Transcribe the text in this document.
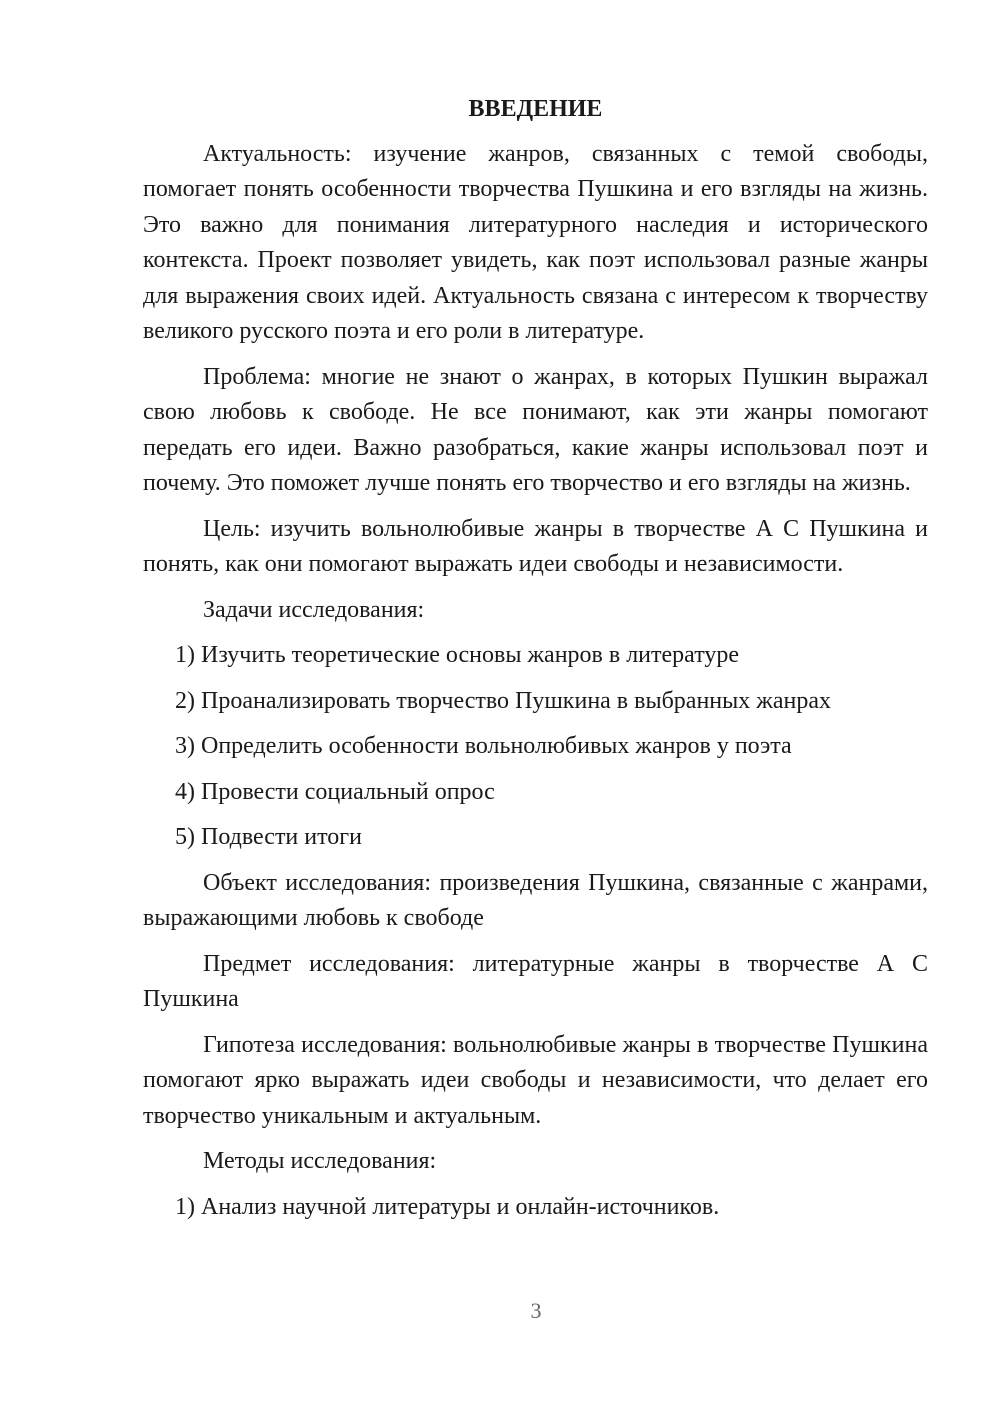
ВВЕДЕНИЕ

Актуальность: изучение жанров, связанных с темой свободы, помогает понять особенности творчества Пушкина и его взгляды на жизнь. Это важно для понимания литературного наследия и исторического контекста. Проект позволяет увидеть, как поэт использовал разные жанры для выражения своих идей. Актуальность связана с интересом к творчеству великого русского поэта и его роли в литературе.

Проблема: многие не знают о жанрах, в которых Пушкин выражал свою любовь к свободе. Не все понимают, как эти жанры помогают передать его идеи. Важно разобраться, какие жанры использовал поэт и почему. Это поможет лучше понять его творчество и его взгляды на жизнь.

Цель: изучить вольнолюбивые жанры в творчестве А С Пушкина и понять, как они помогают выражать идеи свободы и независимости.

Задачи исследования:

1) Изучить теоретические основы жанров в литературе
2) Проанализировать творчество Пушкина в выбранных жанрах
3) Определить особенности вольнолюбивых жанров у поэта
4) Провести социальный опрос
5) Подвести итоги

Объект исследования: произведения Пушкина, связанные с жанрами, выражающими любовь к свободе

Предмет исследования: литературные жанры в творчестве А С Пушкина

Гипотеза исследования: вольнолюбивые жанры в творчестве Пушкина помогают ярко выражать идеи свободы и независимости, что делает его творчество уникальным и актуальным.

Методы исследования:

1) Анализ научной литературы и онлайн-источников.
3
